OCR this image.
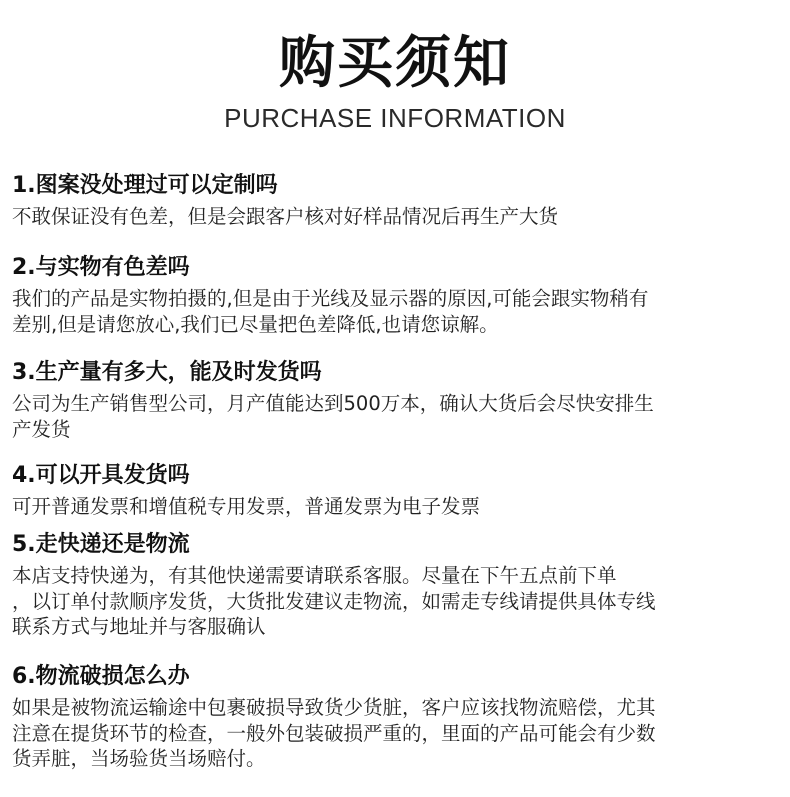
购买须知
PURCHASE INFORMATION
1.图案没处理过可以定制吗
不敢保证没有色差，但是会跟客户核对好样品情况后再生产大货
2.与实物有色差吗
我们的产品是实物拍摄的,但是由于光线及显示器的原因,可能会跟实物稍有
差别,但是请您放心,我们已尽量把色差降低,也请您谅解。
3.生产量有多大，能及时发货吗
公司为生产销售型公司，月产值能达到500万本，确认大货后会尽快安排生
产发货
4.可以开具发货吗
可开普通发票和增值税专用发票，普通发票为电子发票
5.走快递还是物流
本店支持快递为，有其他快递需要请联系客服。尽量在下午五点前下单
，以订单付款顺序发货，大货批发建议走物流，如需走专线请提供具体专线
联系方式与地址并与客服确认
6.物流破损怎么办
如果是被物流运输途中包裹破损导致货少货脏，客户应该找物流赔偿，尤其
注意在提货环节的检查，一般外包装破损严重的，里面的产品可能会有少数
货弄脏，当场验货当场赔付。
